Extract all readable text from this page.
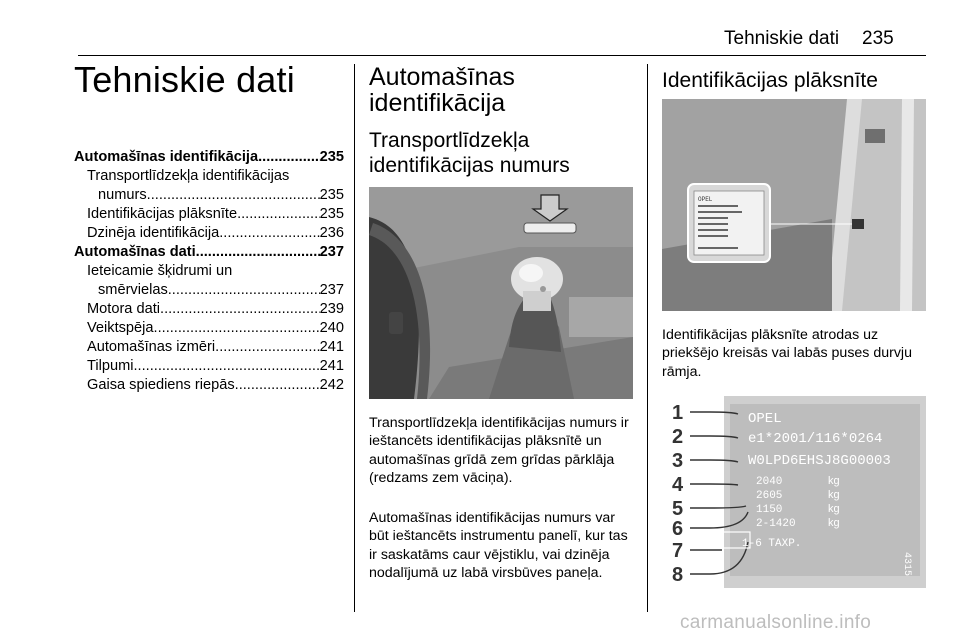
Tehniskie dati 235
Tehniskie dati
Automašīnas identifikācija .....	235
Transportlīdzekļa identifikācijas
numurs .....	235
Identifikācijas plāksnīte .....	235
Dzinēja identifikācija .....	236
Automašīnas dati .....	237
Ieteicamie šķidrumi un
smērvielas .....	237
Motora dati .....	239
Veiktspēja .....	240
Automašīnas izmēri .....	241
Tilpumi .....	241
Gaisa spiediens riepās .....	242
Automašīnas
identifikācija
Transportlīdzekļa
identifikācijas numurs
Transportlīdzekļa identifikācijas numurs ir ieštancēts identifikācijas plāksnītē un automašīnas grīdā zem grīdas pārklāja (redzams zem vāciņa).
Automašīnas identifikācijas numurs var būt ieštancēts instrumentu panelī, kur tas ir saskatāms caur vējstiklu, vai dzinēja nodalījumā uz labā virsbūves paneļa.
Identifikācijas plāksnīte
OPEL
Identifikācijas plāksnīte atrodas uz priekšējo kreisās vai labās puses durvju rāmja.
1
2
3
4
5
6
7
8
OPEL
e1*2001/116*0264
W0LPD6EHSJ8G00003
2040
2605
1150
2-1420
kg
kg
kg
kg
1-6 TAXP.
4315
carmanualsonline.info
